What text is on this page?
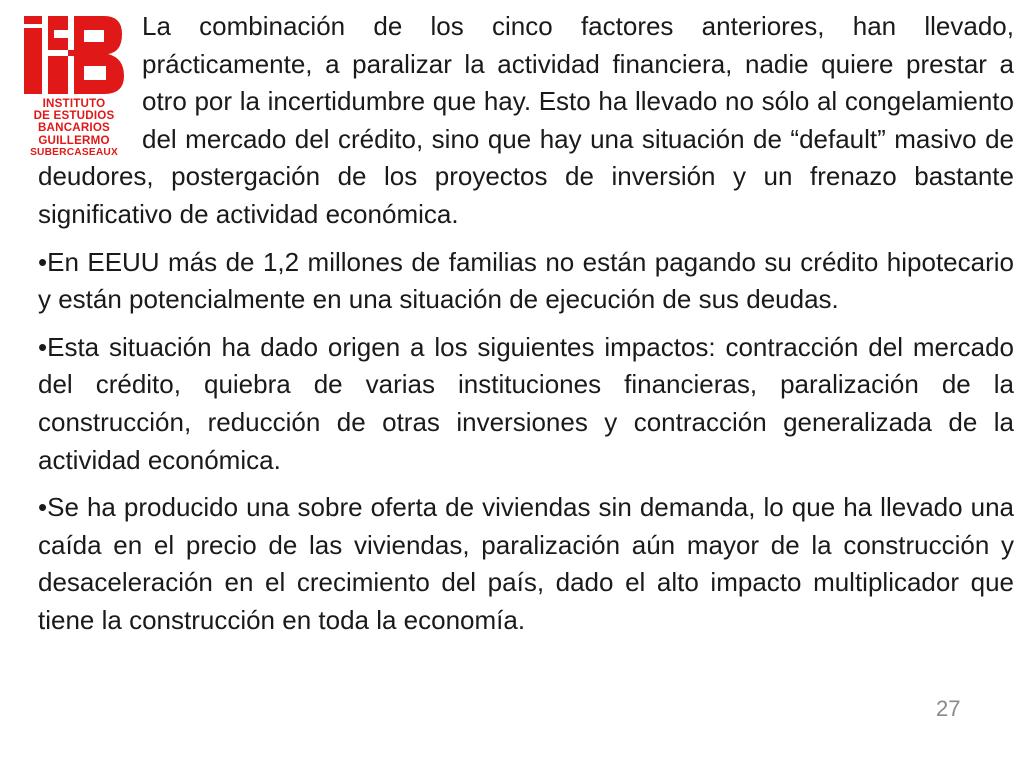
27
INSTITUTO
DE ESTUDIOS
BANCARIOS
GUILLERMO
SUBERCASEAUX

La combinación de los cinco factores anteriores, han llevado, prácticamente, a paralizar la actividad financiera, nadie quiere prestar a otro por la incertidumbre que hay. Esto ha llevado no sólo al congelamiento del mercado del crédito, sino que hay una situación de “default” masivo de deudores, postergación de los proyectos de inversión y un frenazo bastante significativo de actividad económica.

•En EEUU más de 1,2 millones de familias no están pagando su crédito hipotecario y están potencialmente en una situación de ejecución de sus deudas.

•Esta situación ha dado origen a los siguientes impactos: contracción del mercado del crédito, quiebra de varias instituciones financieras, paralización de la construcción, reducción de otras inversiones y contracción generalizada de la actividad económica.

•Se ha producido una sobre oferta de viviendas sin demanda, lo que ha llevado una caída en el precio de las viviendas, paralización aún mayor de la construcción y desaceleración en el crecimiento del país, dado el alto impacto multiplicador que tiene la construcción en toda la economía.
